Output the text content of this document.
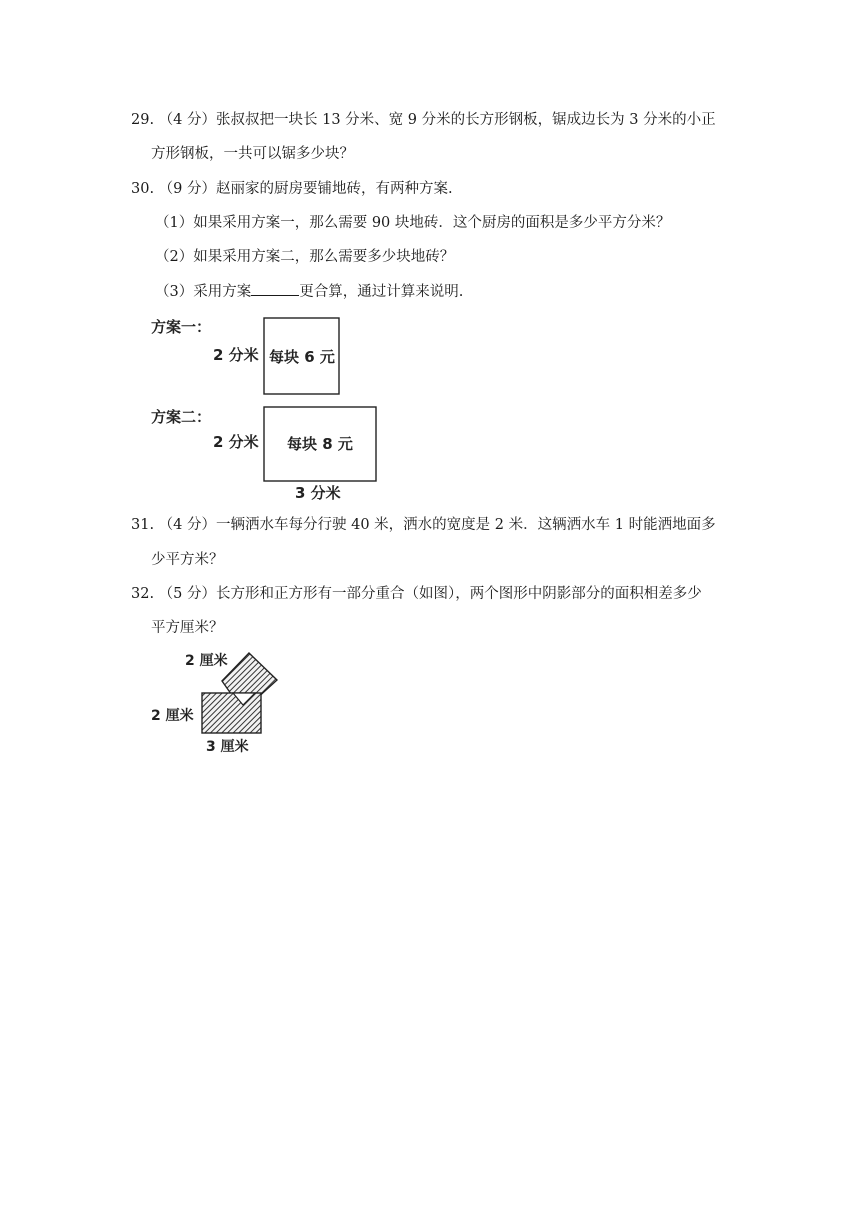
29. （4 分）张叔叔把一块长 13 分米、宽 9 分米的长方形钢板，锯成边长为 3 分米的小正
方形钢板，一共可以锯多少块？
30. （9 分）赵丽家的厨房要铺地砖，有两种方案.
（1）如果采用方案一，那么需要 90 块地砖．这个厨房的面积是多少平方分米？
（2）如果采用方案二，那么需要多少块地砖？
（3）采用方案	更合算，通过计算来说明.
方案一：
2 分米 每块 6 元
方案二：
2 分米 每块 8 元
3 分米
31. （4 分）一辆洒水车每分行驶 40 米，洒水的宽度是 2 米．这辆洒水车 1 时能洒地面多
少平方米？
32. （5 分）长方形和正方形有一部分重合（如图），两个图形中阴影部分的面积相差多少
平方厘米？
2 厘米
2 厘米
3 厘米
